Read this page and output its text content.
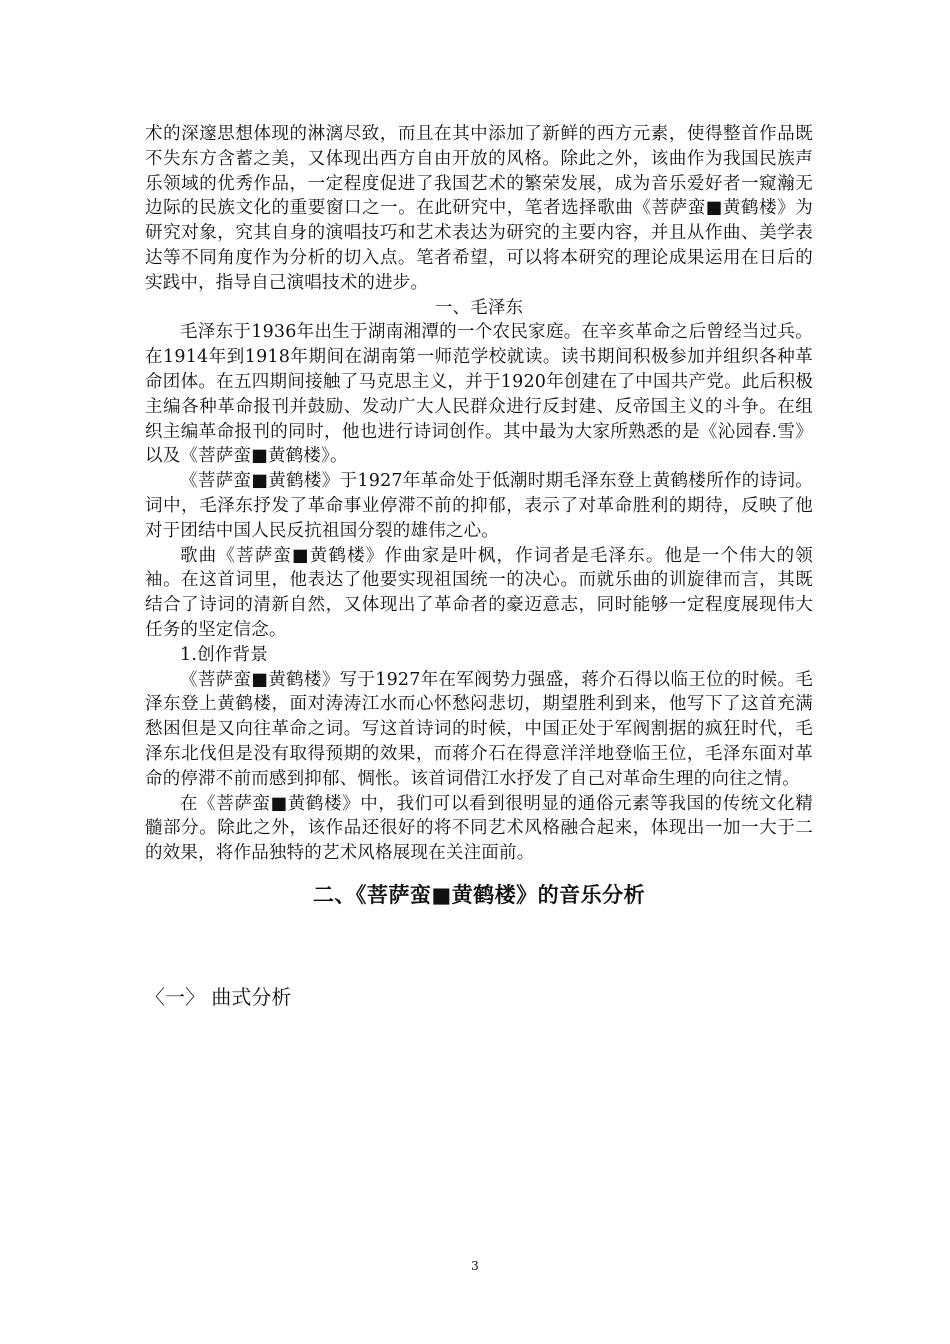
术的深邃思想体现的淋漓尽致，而且在其中添加了新鲜的西方元素，使得整首作品既不失东方含蓄之美，又体现出西方自由开放的风格。除此之外，该曲作为我国民族声乐领域的优秀作品，一定程度促进了我国艺术的繁荣发展，成为音乐爱好者一窥瀚无边际的民族文化的重要窗口之一。在此研究中，笔者选择歌曲《菩萨蛮■黄鹤楼》为研究对象，究其自身的演唱技巧和艺术表达为研究的主要内容，并且从作曲、美学表达等不同角度作为分析的切入点。笔者希望，可以将本研究的理论成果运用在日后的实践中，指导自己演唱技术的进步。

一、毛泽东

毛泽东于1936年出生于湖南湘潭的一个农民家庭。在辛亥革命之后曾经当过兵。在1914年到1918年期间在湖南第一师范学校就读。读书期间积极参加并组织各种革命团体。在五四期间接触了马克思主义，并于1920年创建在了中国共产党。此后积极主编各种革命报刊并鼓励、发动广大人民群众进行反封建、反帝国主义的斗争。在组织主编革命报刊的同时，他也进行诗词创作。其中最为大家所熟悉的是《沁园春.雪》以及《菩萨蛮■黄鹤楼》。

《菩萨蛮■黄鹤楼》于1927年革命处于低潮时期毛泽东登上黄鹤楼所作的诗词。词中，毛泽东抒发了革命事业停滞不前的抑郁，表示了对革命胜利的期待，反映了他对于团结中国人民反抗祖国分裂的雄伟之心。

歌曲《菩萨蛮■黄鹤楼》作曲家是叶枫，作词者是毛泽东。他是一个伟大的领袖。在这首词里，他表达了他要实现祖国统一的决心。而就乐曲的训旋律而言，其既结合了诗词的清新自然，又体现出了革命者的豪迈意志，同时能够一定程度展现伟大任务的坚定信念。

1.创作背景

《菩萨蛮■黄鹤楼》写于1927年在军阀势力强盛，蒋介石得以临王位的时候。毛泽东登上黄鹤楼，面对涛涛江水而心怀愁闷悲切，期望胜利到来，他写下了这首充满愁困但是又向往革命之词。写这首诗词的时候，中国正处于军阀割据的疯狂时代，毛泽东北伐但是没有取得预期的效果，而蒋介石在得意洋洋地登临王位，毛泽东面对革命的停滞不前而感到抑郁、惆怅。该首词借江水抒发了自己对革命生理的向往之情。

在《菩萨蛮■黄鹤楼》中，我们可以看到很明显的通俗元素等我国的传统文化精髓部分。除此之外，该作品还很好的将不同艺术风格融合起来，体现出一加一大于二的效果，将作品独特的艺术风格展现在关注面前。

二、《菩萨蛮■黄鹤楼》的音乐分析
〈一〉 曲式分析
3
